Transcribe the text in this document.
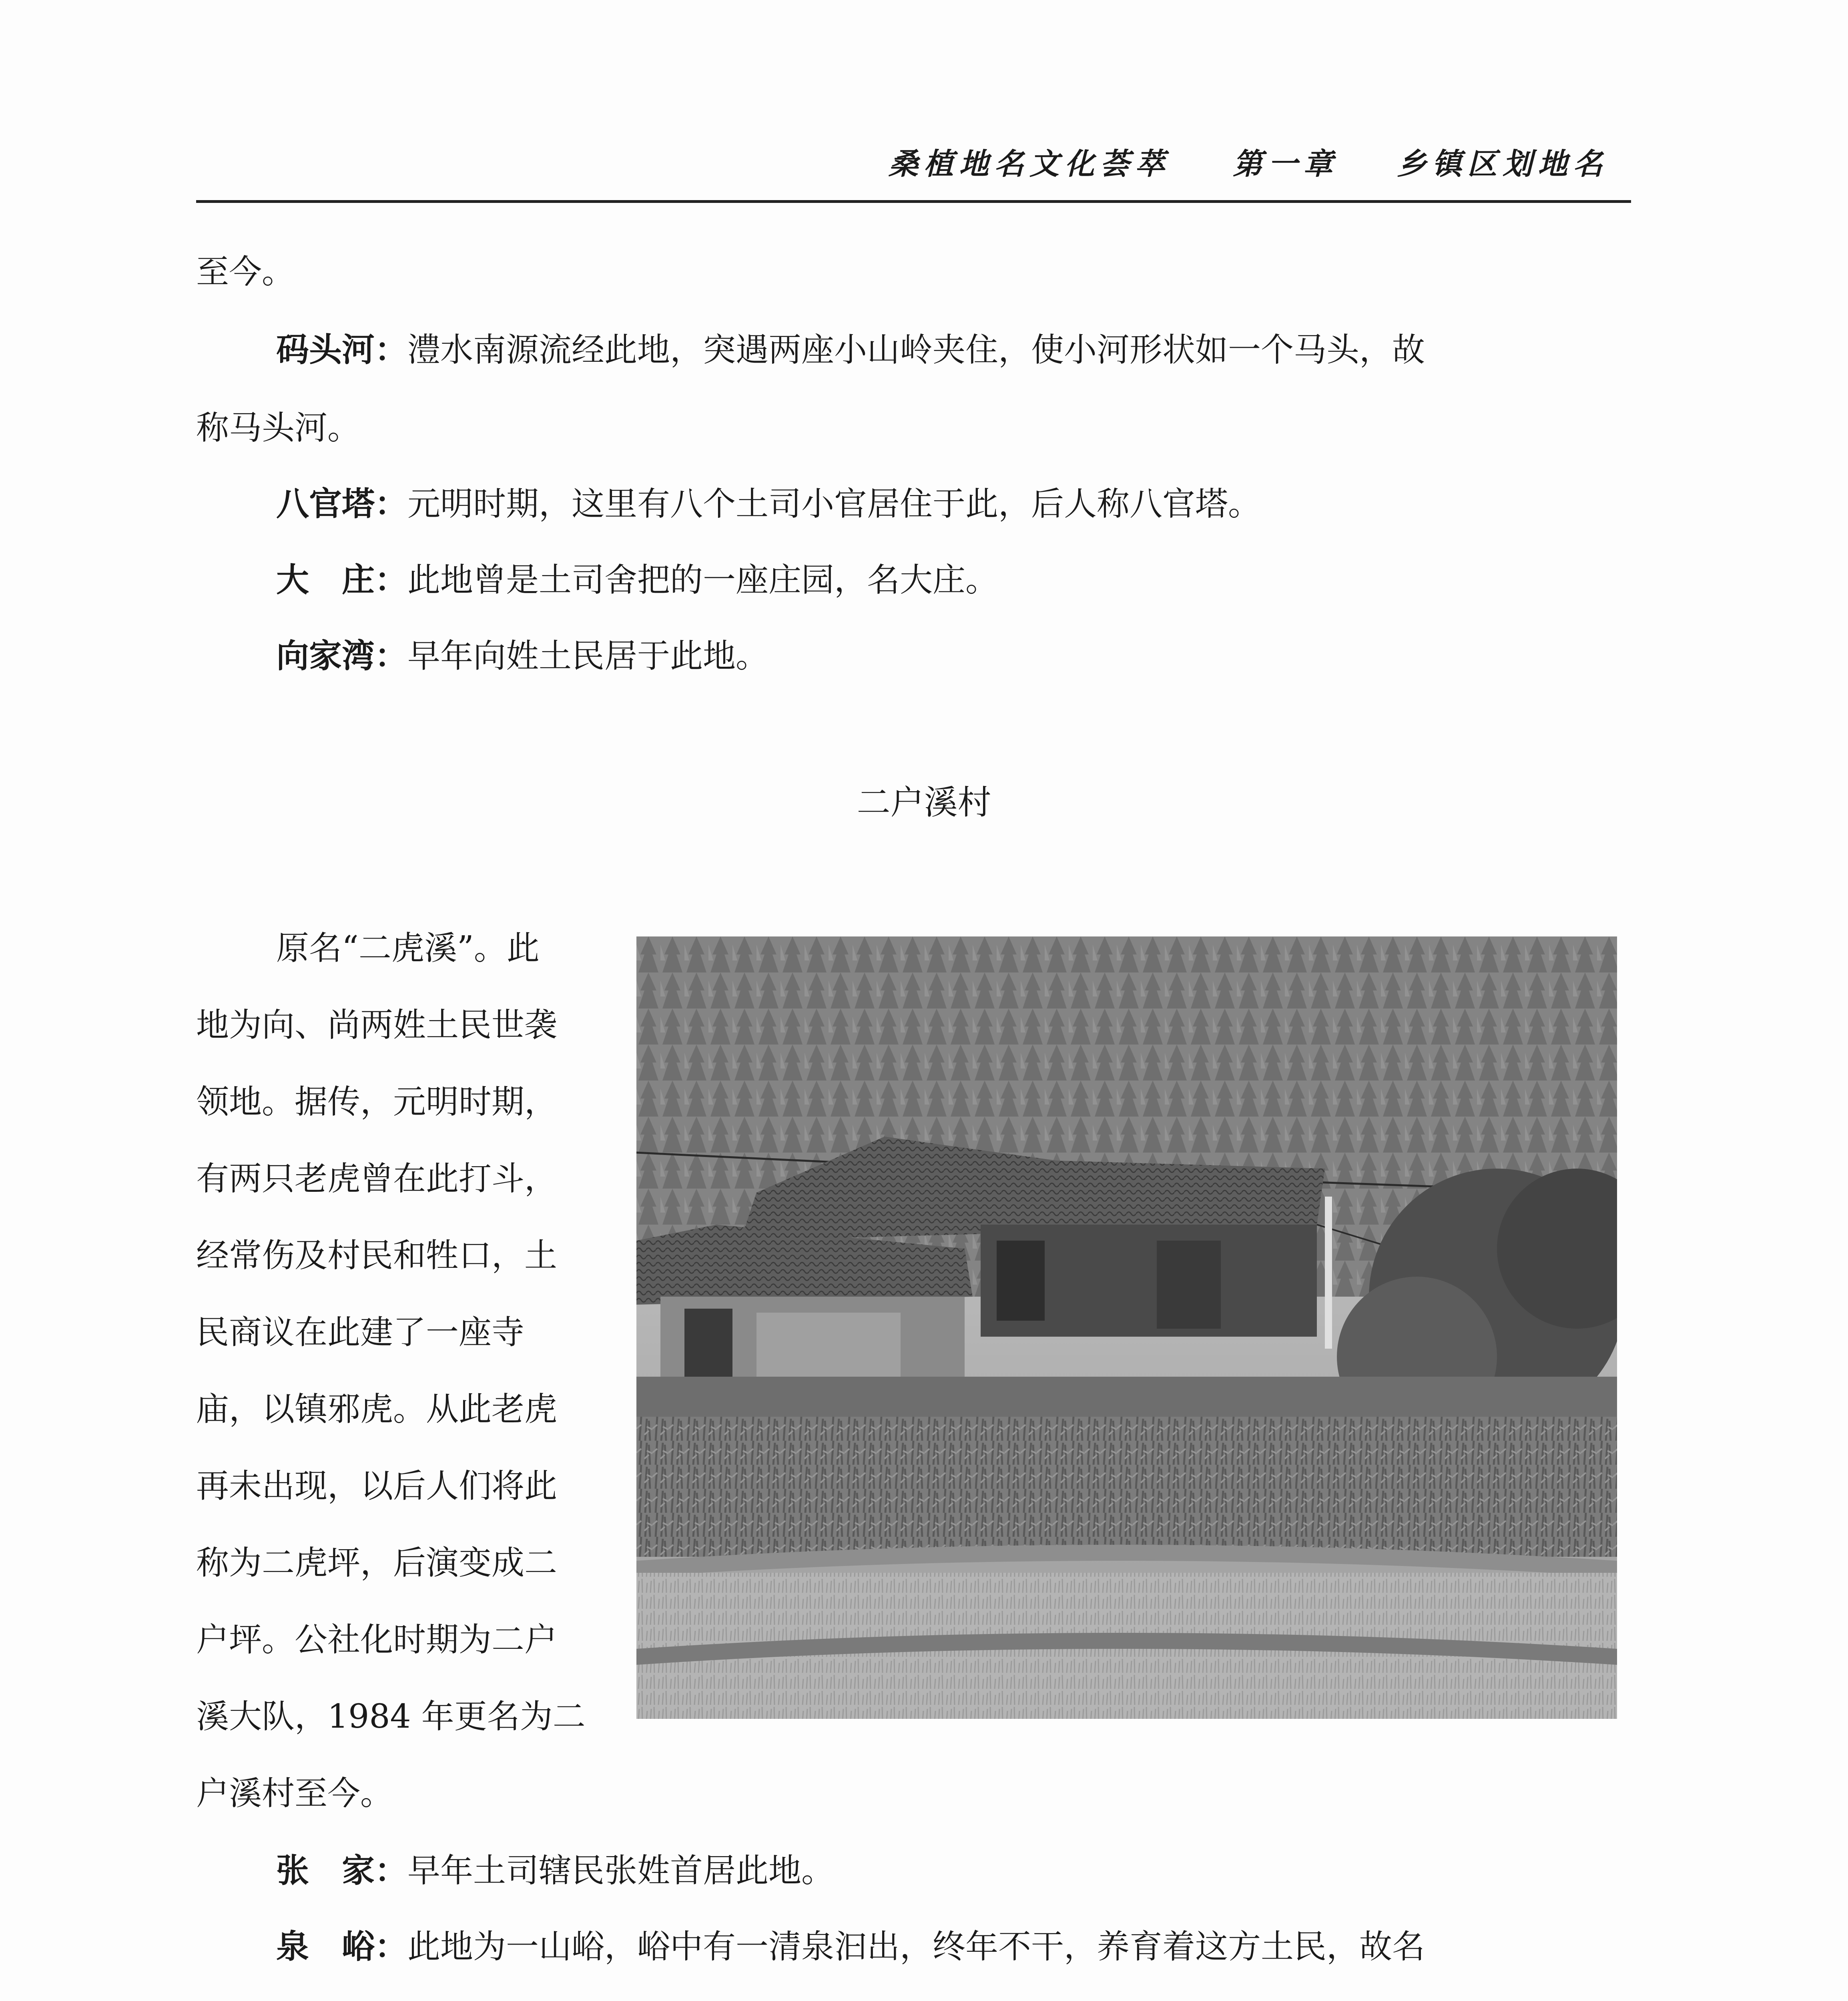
桑植地名文化荟萃 第一章 乡镇区划地名
至今。
码头河：澧水南源流经此地，突遇两座小山岭夹住，使小河形状如一个马头，故
称马头河。
八官塔：元明时期，这里有八个土司小官居住于此，后人称八官塔。
大 庄：此地曾是土司舍把的一座庄园，名大庄。
向家湾：早年向姓土民居于此地。
二户溪村
原名“二虎溪”。此
地为向、尚两姓土民世袭
领地。据传，元明时期，
有两只老虎曾在此打斗，
经常伤及村民和牲口，土
民商议在此建了一座寺
庙，以镇邪虎。从此老虎
再未出现，以后人们将此
称为二虎坪，后演变成二
户坪。公社化时期为二户
溪大队，1984 年更名为二
户溪村至今。
张 家：早年土司辖民张姓首居此地。
泉 峪：此地为一山峪，峪中有一清泉汩出，终年不干，养育着这方土民，故名
